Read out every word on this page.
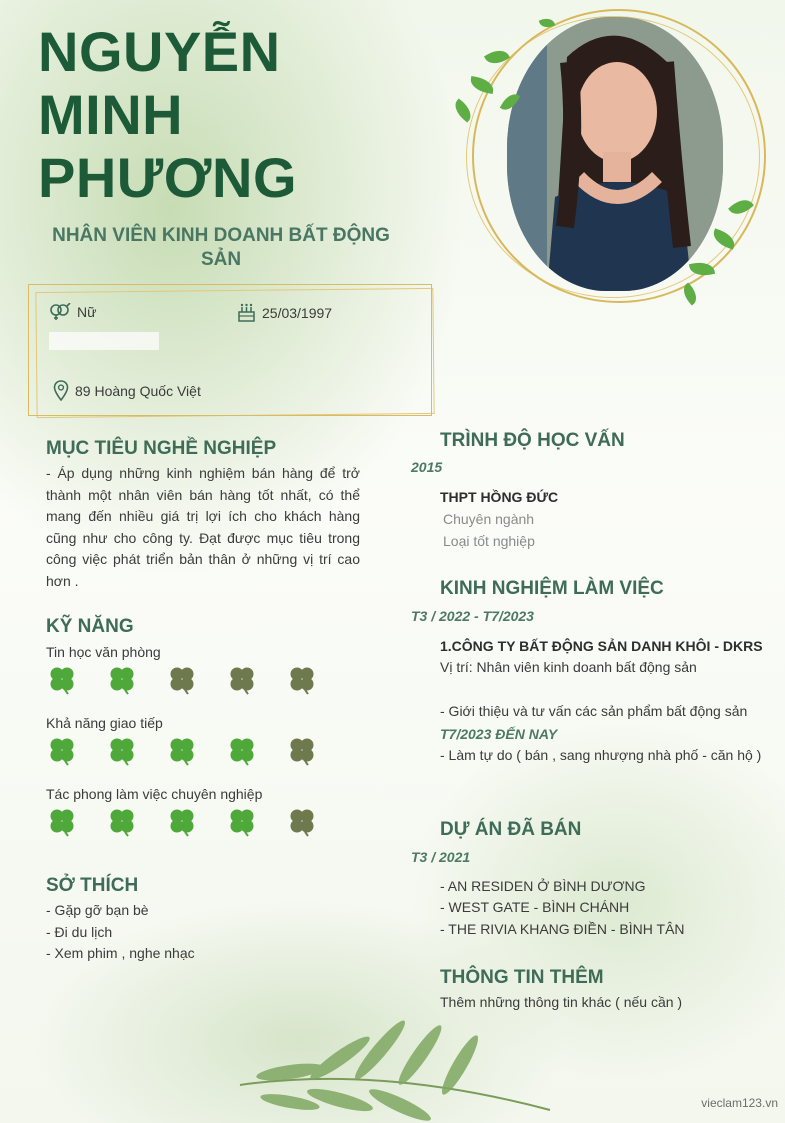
NGUYỄN
MINH
PHƯƠNG
NHÂN VIÊN KINH DOANH BẤT ĐỘNG SẢN
Nữ	25/03/1997
89 Hoàng Quốc Việt
MỤC TIÊU NGHỀ NGHIỆP
- Áp dụng những kinh nghiệm bán hàng để trở thành một nhân viên bán hàng tốt nhất, có thể mang đến nhiều giá trị lợi ích cho khách hàng cũng như cho công ty. Đạt được mục tiêu trong công việc phát triển bản thân ở những vị trí cao hơn .
KỸ NĂNG
Tin học văn phòng
Khả năng giao tiếp
Tác phong làm việc chuyên nghiệp
SỞ THÍCH
- Gặp gỡ bạn bè
- Đi du lịch
- Xem phim , nghe nhạc
TRÌNH ĐỘ HỌC VẤN
2015
THPT HỒNG ĐỨC
Chuyên ngành
Loại tốt nghiệp
KINH NGHIỆM LÀM VIỆC
T3 / 2022 - T7/2023
1.CÔNG TY BẤT ĐỘNG SẢN DANH KHÔI - DKRS
Vị trí: Nhân viên kinh doanh bất động sản
- Giới thiệu và tư vấn các sản phẩm bất động sản
T7/2023 ĐẾN NAY
- Làm tự do ( bán , sang nhượng nhà phố - căn hộ )
DỰ ÁN ĐÃ BÁN
T3 / 2021
- AN RESIDEN Ở BÌNH DƯƠNG
- WEST GATE - BÌNH CHÁNH
- THE RIVIA KHANG ĐIỀN - BÌNH TÂN
THÔNG TIN THÊM
Thêm những thông tin khác ( nếu cần )
vieclam123.vn
